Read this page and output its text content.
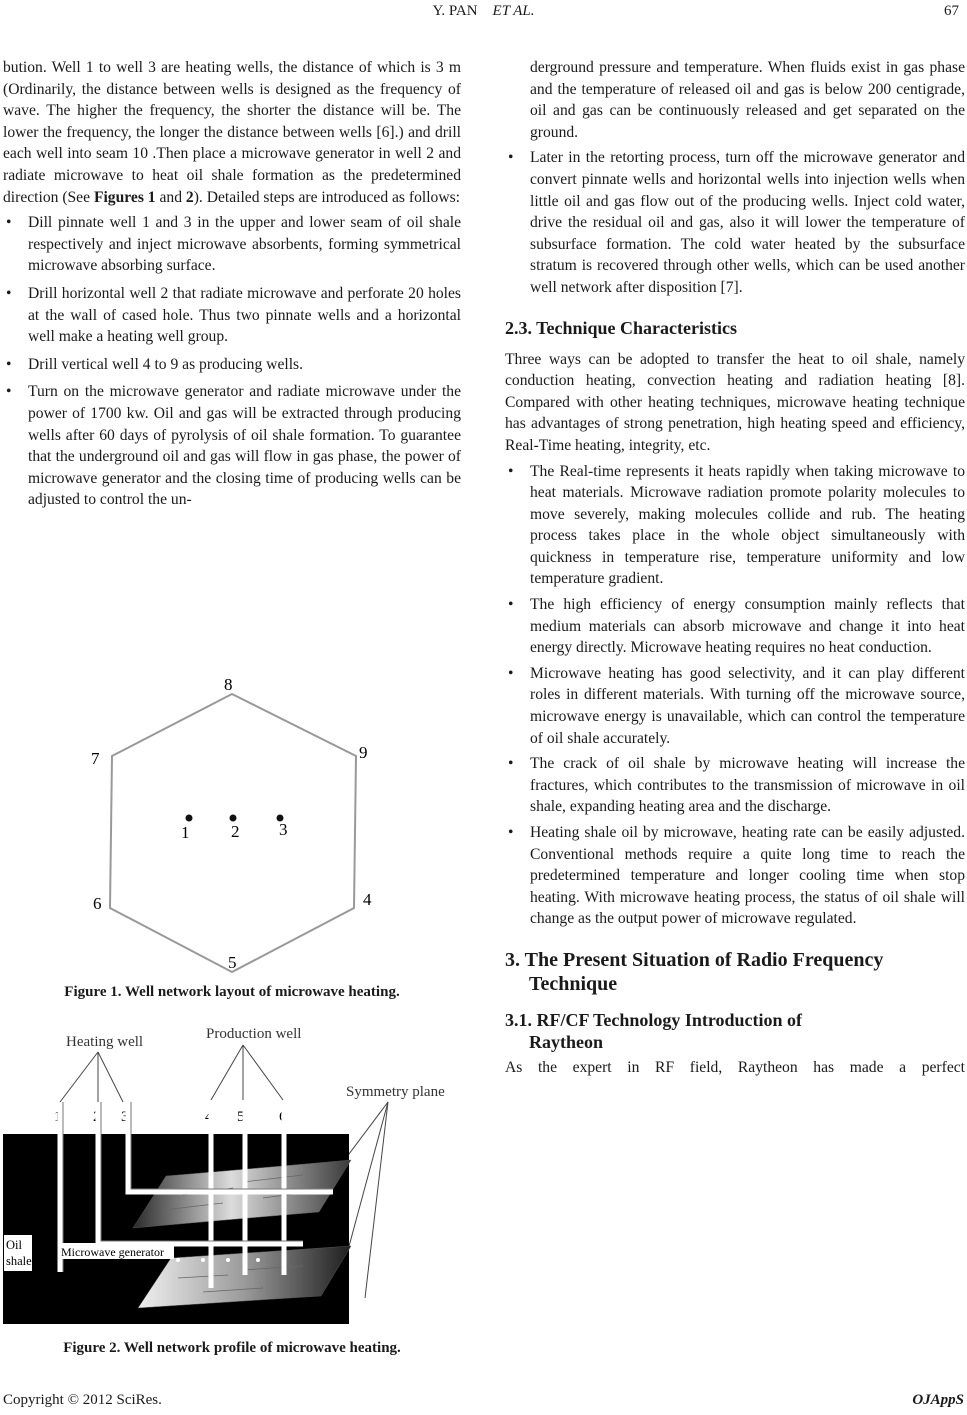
Y. PAN ET AL.	67

bution. Well 1 to well 3 are heating wells, the distance of which is 3 m (Ordinarily, the distance between wells is designed as the frequency of wave. The higher the frequency, the shorter the distance will be. The lower the frequency, the longer the distance between wells [6].) and drill each well into seam 10 .Then place a microwave generator in well 2 and radiate microwave to heat oil shale formation as the predetermined direction (See Figures 1 and 2). Detailed steps are introduced as follows:

• Dill pinnate well 1 and 3 in the upper and lower seam of oil shale respectively and inject microwave absorbents, forming symmetrical microwave absorbing surface.
• Drill horizontal well 2 that radiate microwave and perforate 20 holes at the wall of cased hole. Thus two pinnate wells and a horizontal well make a heating well group.
• Drill vertical well 4 to 9 as producing wells.
• Turn on the microwave generator and radiate microwave under the power of 1700 kw. Oil and gas will be extracted through producing wells after 60 days of pyrolysis of oil shale formation. To guarantee that the underground oil and gas will flow in gas phase, the power of microwave generator and the closing time of producing wells can be adjusted to control the un-
8
9
4
5
6
7
1 2 3
Figure 1. Well network layout of microwave heating.
Heating well	Production well
Symmetry plane
1 2 3	4 5 6
Oil
shale
Microwave generator
Figure 2. Well network profile of microwave heating.
derground pressure and temperature. When fluids exist in gas phase and the temperature of released oil and gas is below 200 centigrade, oil and gas can be continuously released and get separated on the ground.
• Later in the retorting process, turn off the microwave generator and convert pinnate wells and horizontal wells into injection wells when little oil and gas flow out of the producing wells. Inject cold water, drive the residual oil and gas, also it will lower the temperature of subsurface formation. The cold water heated by the subsurface stratum is recovered through other wells, which can be used another well network after disposition [7].
2.3. Technique Characteristics

Three ways can be adopted to transfer the heat to oil shale, namely conduction heating, convection heating and radiation heating [8]. Compared with other heating techniques, microwave heating technique has advantages of strong penetration, high heating speed and efficiency, Real-Time heating, integrity, etc.

• The Real-time represents it heats rapidly when taking microwave to heat materials. Microwave radiation promote polarity molecules to move severely, making molecules collide and rub. The heating process takes place in the whole object simultaneously with quickness in temperature rise, temperature uniformity and low temperature gradient.
• The high efficiency of energy consumption mainly reflects that medium materials can absorb microwave and change it into heat energy directly. Microwave heating requires no heat conduction.
• Microwave heating has good selectivity, and it can play different roles in different materials. With turning off the microwave source, microwave energy is unavailable, which can control the temperature of oil shale accurately.
• The crack of oil shale by microwave heating will increase the fractures, which contributes to the transmission of microwave in oil shale, expanding heating area and the discharge.
• Heating shale oil by microwave, heating rate can be easily adjusted. Conventional methods require a quite long time to reach the predetermined temperature and longer cooling time when stop heating. With microwave heating process, the status of oil shale will change as the output power of microwave regulated.
3. The Present Situation of Radio Frequency
Technique
3.1. RF/CF Technology Introduction of
Raytheon

As the expert in RF field, Raytheon has made a perfect

Copyright © 2012 SciRes.	OJAppS
